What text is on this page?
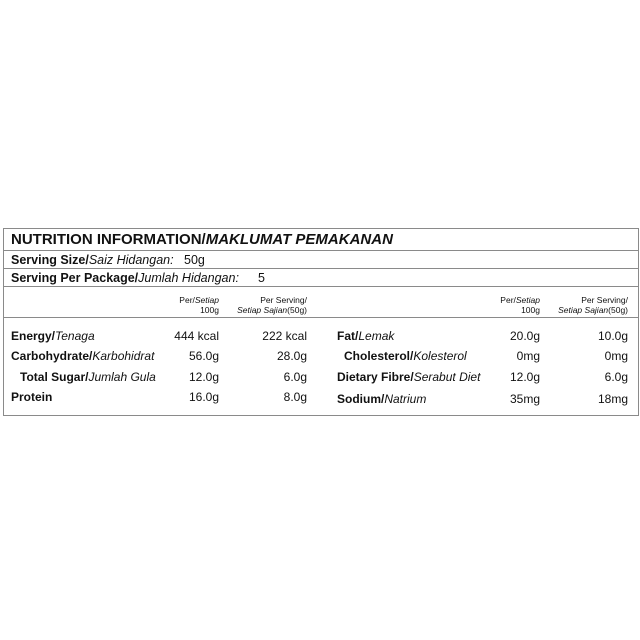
NUTRITION INFORMATION/MAKLUMAT PEMAKANAN
Serving Size/Saiz Hidangan: 50g
Serving Per Package/Jumlah Hidangan: 5
Per/Setiap
100g
Per Serving/
Setiap Sajian(50g)
Per/Setiap
100g
Per Serving/
Setiap Sajian(50g)
Energy/Tenaga	444 kcal	222 kcal
Carbohydrate/Karbohidrat	56.0g	28.0g
Total Sugar/Jumlah Gula	12.0g	6.0g
Protein	16.0g	8.0g
Fat/Lemak	20.0g	10.0g
Cholesterol/Kolesterol	0mg	0mg
Dietary Fibre/Serabut Diet 12.0g	6.0g
Sodium/Natrium	35mg	18mg
